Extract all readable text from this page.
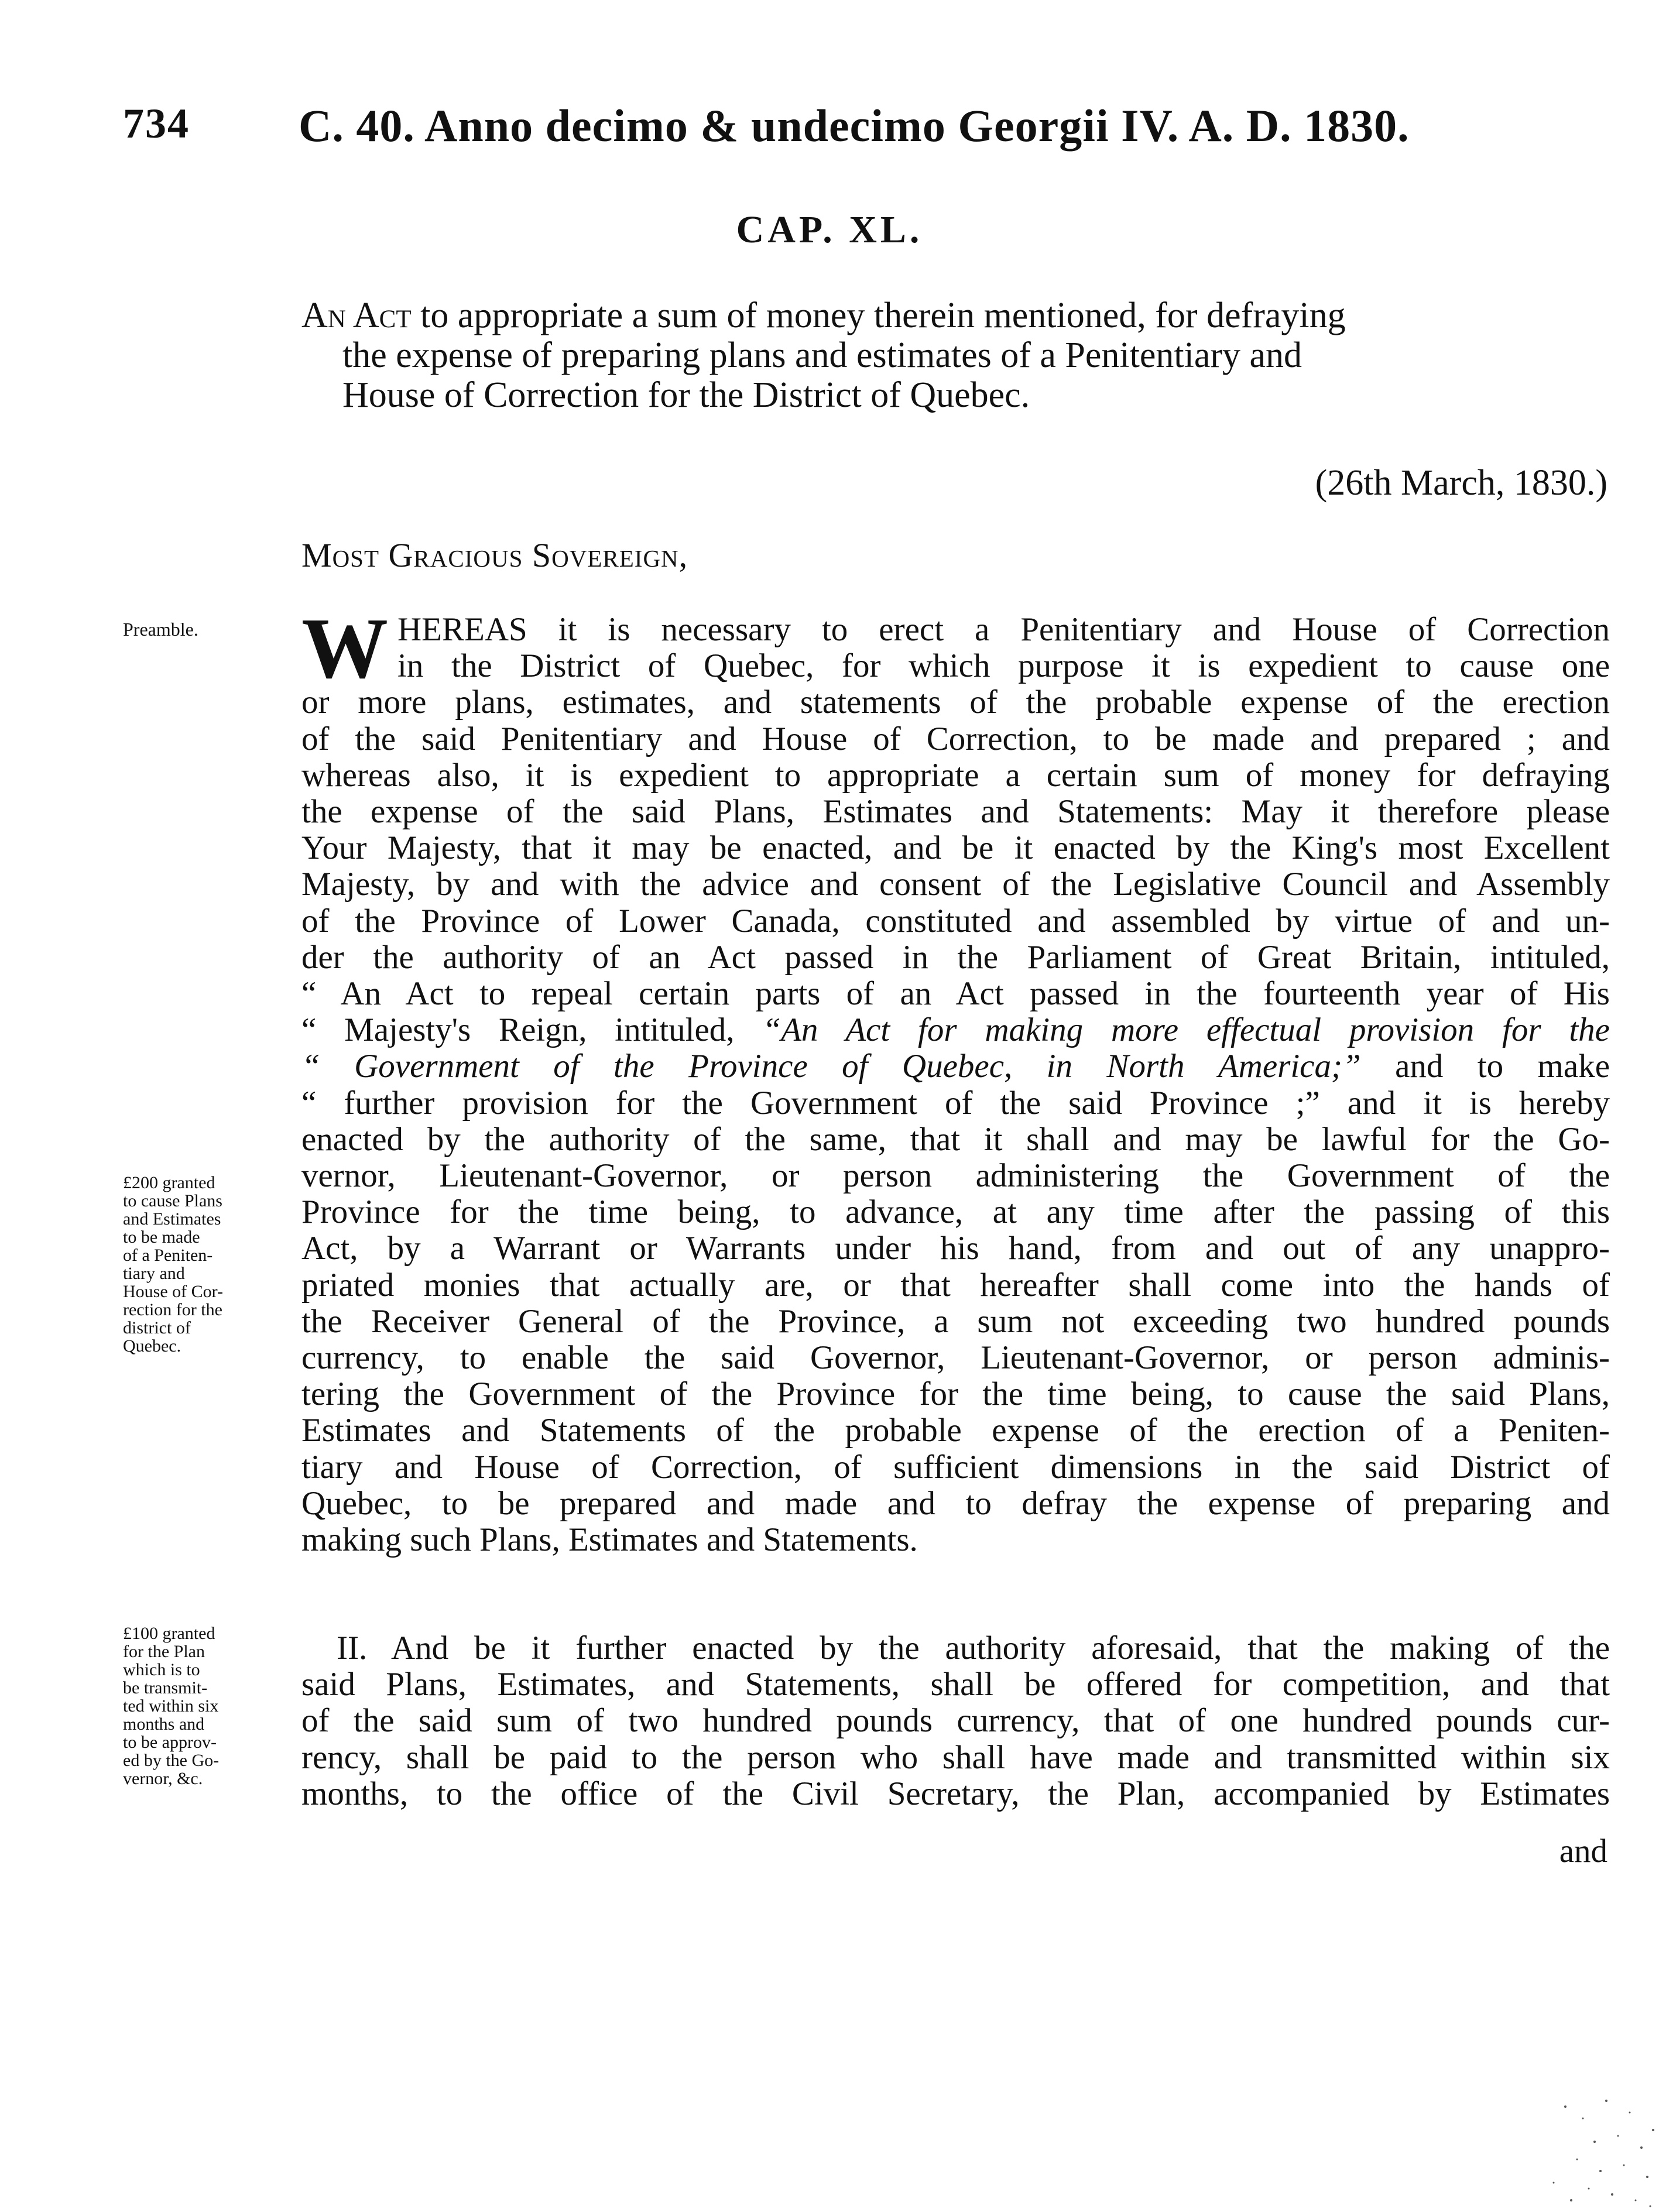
734 C. 40. Anno decimo & undecimo Georgii IV. A. D. 1830.
CAP. XL.
An Act to appropriate a sum of money therein mentioned, for defraying
the expense of preparing plans and estimates of a Penitentiary and
House of Correction for the District of Quebec.
(26th March, 1830.)
Most Gracious Sovereign,
Preamble.
£200 granted
to cause Plans
and Estimates
to be made
of a Peniten-
tiary and
House of Cor-
rection for the
district of
Quebec.
£100 granted
for the Plan
which is to
be transmit-
ted within six
months and
to be approv-
ed by the Go-
vernor, &c.
W HEREAS it is necessary to erect a Penitentiary and House of Correction
in the District of Quebec, for which purpose it is expedient to cause one
or more plans, estimates, and statements of the probable expense of the erection
of the said Penitentiary and House of Correction, to be made and prepared ; and
whereas also, it is expedient to appropriate a certain sum of money for defraying
the expense of the said Plans, Estimates and Statements: May it therefore please
Your Majesty, that it may be enacted, and be it enacted by the King's most Excellent
Majesty, by and with the advice and consent of the Legislative Council and Assembly
of the Province of Lower Canada, constituted and assembled by virtue of and un-
der the authority of an Act passed in the Parliament of Great Britain, intituled,
“ An Act to repeal certain parts of an Act passed in the fourteenth year of His
“ Majesty's Reign, intituled, “An Act for making more effectual provision for the
“ Government of the Province of Quebec, in North America;” and to make
“ further provision for the Government of the said Province ;” and it is hereby
enacted by the authority of the same, that it shall and may be lawful for the Go-
vernor, Lieutenant-Governor, or person administering the Government of the
Province for the time being, to advance, at any time after the passing of this
Act, by a Warrant or Warrants under his hand, from and out of any unappro-
priated monies that actually are, or that hereafter shall come into the hands of
the Receiver General of the Province, a sum not exceeding two hundred pounds
currency, to enable the said Governor, Lieutenant-Governor, or person adminis-
tering the Government of the Province for the time being, to cause the said Plans,
Estimates and Statements of the probable expense of the erection of a Peniten-
tiary and House of Correction, of sufficient dimensions in the said District of
Quebec, to be prepared and made and to defray the expense of preparing and
making such Plans, Estimates and Statements.
II. And be it further enacted by the authority aforesaid, that the making of the
said Plans, Estimates, and Statements, shall be offered for competition, and that
of the said sum of two hundred pounds currency, that of one hundred pounds cur-
rency, shall be paid to the person who shall have made and transmitted within six
months, to the office of the Civil Secretary, the Plan, accompanied by Estimates
and
